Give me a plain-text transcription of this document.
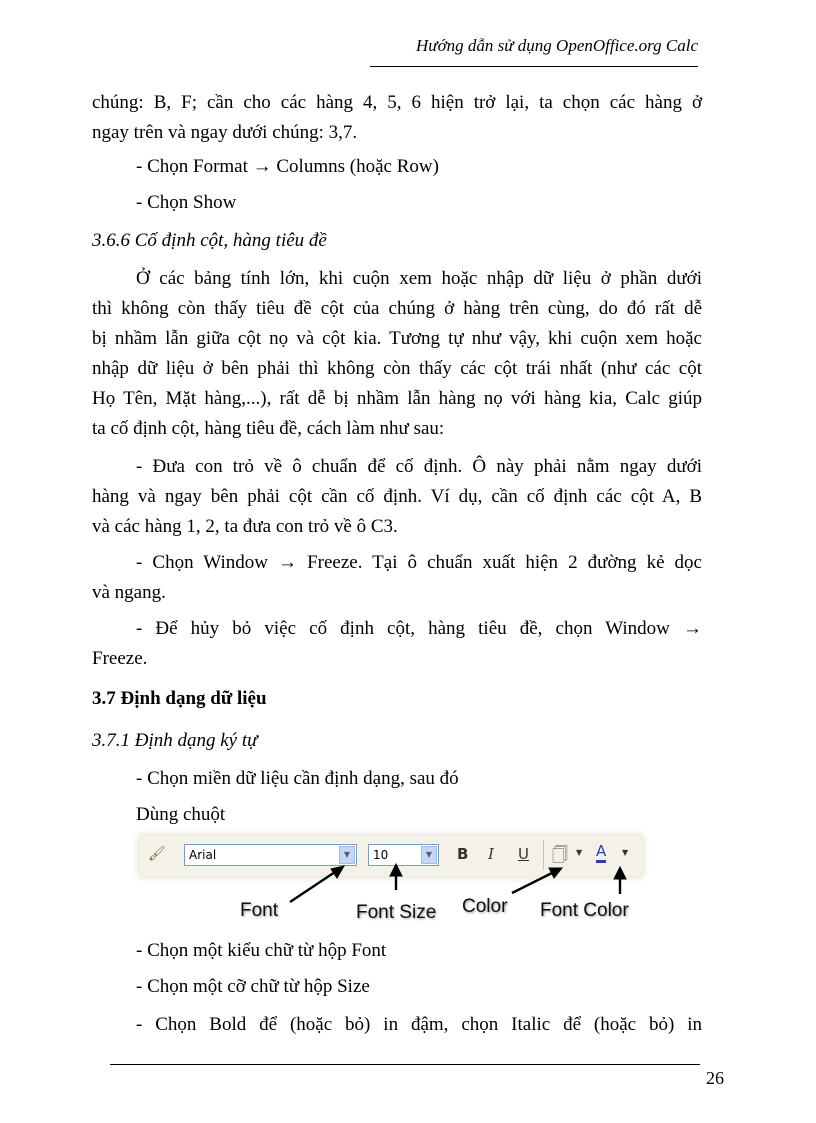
Hướng dẫn sử dụng OpenOffice.org Calc
chúng: B, F; cần cho các hàng 4, 5, 6 hiện trở lại, ta chọn các hàng ở
ngay trên và ngay dưới chúng: 3,7.
- Chọn Format → Columns (hoặc Row)
- Chọn Show
3.6.6 Cố định cột, hàng tiêu đề
Ở các bảng tính lớn, khi cuộn xem hoặc nhập dữ liệu ở phần dưới
thì không còn thấy tiêu đề cột của chúng ở hàng trên cùng, do đó rất dễ
bị nhầm lẫn giữa cột nọ và cột kia. Tương tự như vậy, khi cuộn xem hoặc
nhập dữ liệu ở bên phải thì không còn thấy các cột trái nhất (như các cột
Họ Tên, Mặt hàng,...), rất dễ bị nhầm lẫn hàng nọ với hàng kia, Calc giúp
ta cố định cột, hàng tiêu đề, cách làm như sau:
- Đưa con trỏ về ô chuẩn để cố định. Ô này phải nằm ngay dưới
hàng và ngay bên phải cột cần cố định. Ví dụ, cần cố định các cột A, B
và các hàng 1, 2, ta đưa con trỏ về ô C3.
- Chọn Window → Freeze. Tại ô chuẩn xuất hiện 2 đường kẻ dọc
và ngang.
- Để hủy bỏ việc cố định cột, hàng tiêu đề, chọn Window →
Freeze.
3.7 Định dạng dữ liệu
3.7.1 Định dạng ký tự
- Chọn miền dữ liệu cần định dạng, sau đó
Dùng chuột
- Chọn một kiểu chữ từ hộp Font
- Chọn một cỡ chữ từ hộp Size
- Chọn Bold để (hoặc bỏ) in đậm, chọn Italic để (hoặc bỏ) in
🖌	Arial	▼	10	▼	B I U 🗍 ▼ A ▼
Font	Font Size Color Font Color
26
